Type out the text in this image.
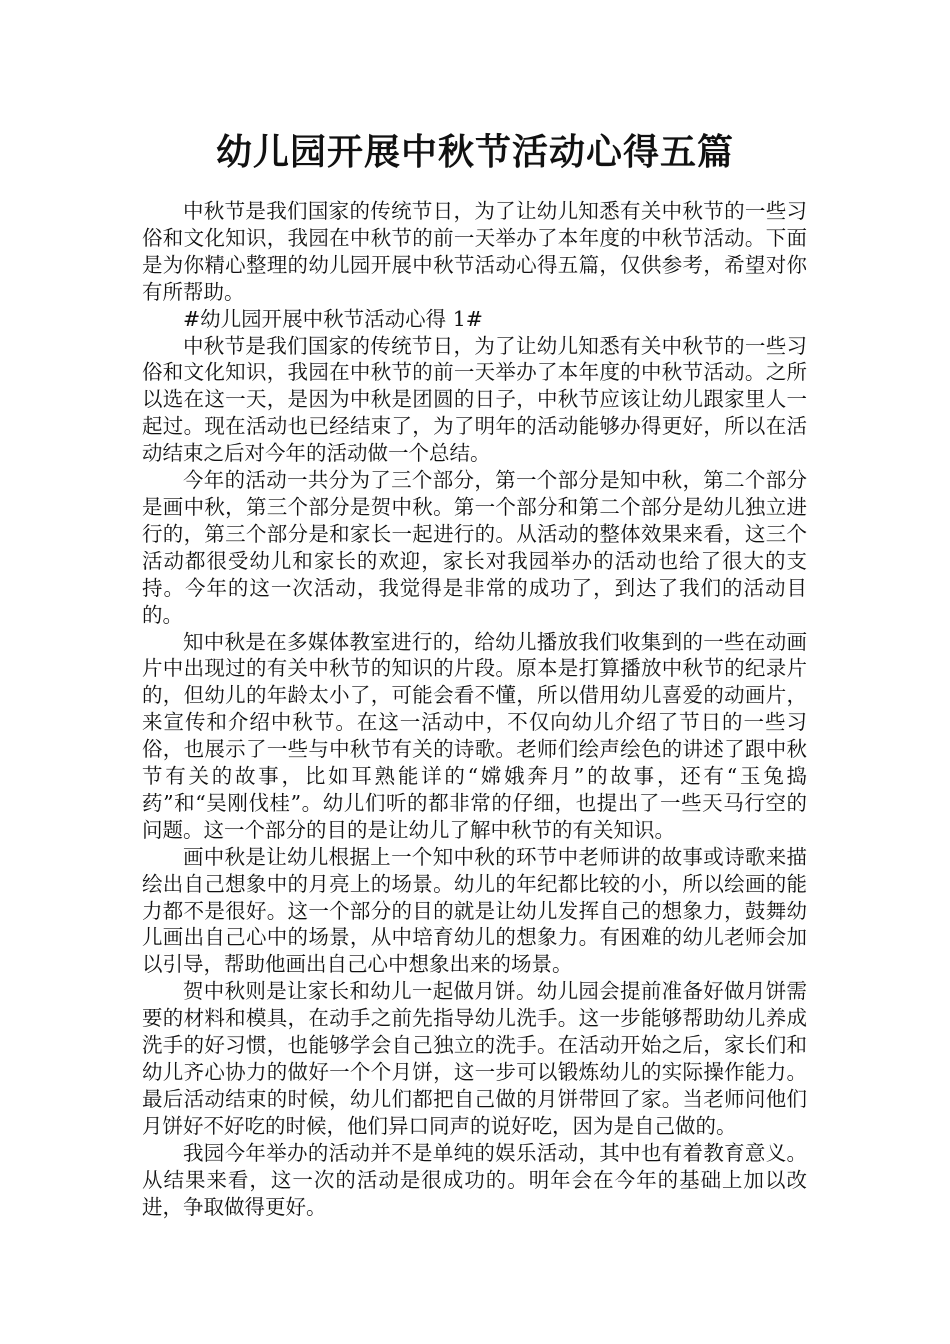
幼儿园开展中秋节活动心得五篇

中秋节是我们国家的传统节日，为了让幼儿知悉有关中秋节的一些习俗和文化知识，我园在中秋节的前一天举办了本年度的中秋节活动。下面是为你精心整理的幼儿园开展中秋节活动心得五篇，仅供参考，希望对你有所帮助。

#幼儿园开展中秋节活动心得 1#

中秋节是我们国家的传统节日，为了让幼儿知悉有关中秋节的一些习俗和文化知识，我园在中秋节的前一天举办了本年度的中秋节活动。之所以选在这一天，是因为中秋是团圆的日子，中秋节应该让幼儿跟家里人一起过。现在活动也已经结束了，为了明年的活动能够办得更好，所以在活动结束之后对今年的活动做一个总结。

今年的活动一共分为了三个部分，第一个部分是知中秋，第二个部分是画中秋，第三个部分是贺中秋。第一个部分和第二个部分是幼儿独立进行的，第三个部分是和家长一起进行的。从活动的整体效果来看，这三个活动都很受幼儿和家长的欢迎，家长对我园举办的活动也给了很大的支持。今年的这一次活动，我觉得是非常的成功了，到达了我们的活动目的。

知中秋是在多媒体教室进行的，给幼儿播放我们收集到的一些在动画片中出现过的有关中秋节的知识的片段。原本是打算播放中秋节的纪录片的，但幼儿的年龄太小了，可能会看不懂，所以借用幼儿喜爱的动画片，来宣传和介绍中秋节。在这一活动中，不仅向幼儿介绍了节日的一些习俗，也展示了一些与中秋节有关的诗歌。老师们绘声绘色的讲述了跟中秋节有关的故事，比如耳熟能详的“嫦娥奔月”的故事，还有“玉兔捣药”和“吴刚伐桂”。幼儿们听的都非常的仔细，也提出了一些天马行空的问题。这一个部分的目的是让幼儿了解中秋节的有关知识。

画中秋是让幼儿根据上一个知中秋的环节中老师讲的故事或诗歌来描绘出自己想象中的月亮上的场景。幼儿的年纪都比较的小，所以绘画的能力都不是很好。这一个部分的目的就是让幼儿发挥自己的想象力，鼓舞幼儿画出自己心中的场景，从中培育幼儿的想象力。有困难的幼儿老师会加以引导，帮助他画出自己心中想象出来的场景。

贺中秋则是让家长和幼儿一起做月饼。幼儿园会提前准备好做月饼需要的材料和模具，在动手之前先指导幼儿洗手。这一步能够帮助幼儿养成洗手的好习惯，也能够学会自己独立的洗手。在活动开始之后，家长们和幼儿齐心协力的做好一个个月饼，这一步可以锻炼幼儿的实际操作能力。最后活动结束的时候，幼儿们都把自己做的月饼带回了家。当老师问他们月饼好不好吃的时候，他们异口同声的说好吃，因为是自己做的。

我园今年举办的活动并不是单纯的娱乐活动，其中也有着教育意义。从结果来看，这一次的活动是很成功的。明年会在今年的基础上加以改进，争取做得更好。
